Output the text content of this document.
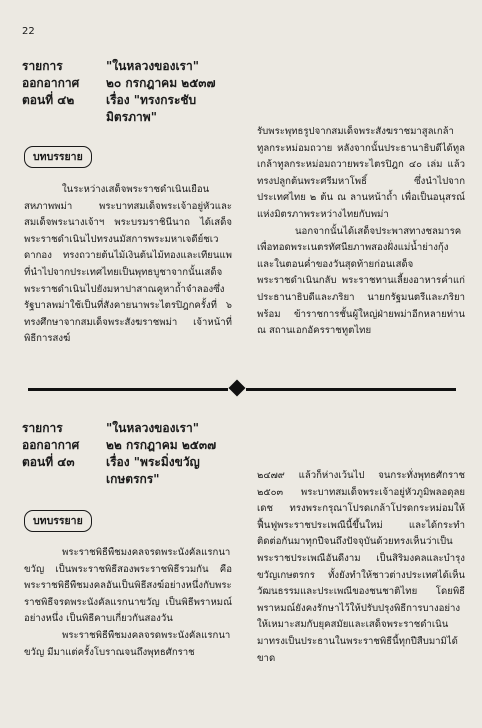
22
รายการ	"ในหลวงของเรา"
ออกอากาศ	๒๐ กรกฎาคม ๒๕๓๗
ตอนที่ ๔๒	เรื่อง "ทรงกระชับ
มิตรภาพ"
บทบรรยาย

ในระหว่างเสด็จพระราชดำเนินเยือนสหภาพพม่า พระบาทสมเด็จพระเจ้าอยู่หัวและสมเด็จพระนางเจ้าฯ พระบรมราชินีนาถ ได้เสด็จพระราชดำเนินไปทรงนมัสการพระมหาเจดีย์ชเวดากอง ทรงถวายต้นไม้เงินต้นไม้ทองและเทียนแพ ที่นำไปจากประเทศไทยเป็นพุทธบูชาจากนั้นเสด็จพระราชดำเนินไปยังมหาปาสาณคูหาถ้ำจำลองซึ่งรัฐบาลพม่าใช้เป็นที่สังคายนาพระไตรปิฎกครั้งที่ ๖ ทรงศึกษาจากสมเด็จพระสังฆราชพม่า เจ้าหน้าที่พิธีการสงฆ์

รับพระพุทธรูปจากสมเด็จพระสังฆราชมาสูลเกล้าทูลกระหม่อมถวาย หลังจากนั้นประธานาธิบดีได้ทูลเกล้าทูลกระหม่อมถวายพระไตรปิฎก ๔๐ เล่ม แล้วทรงปลูกต้นพระศรีมหาโพธิ์ ซึ่งนำไปจากประเทศไทย ๒ ต้น ณ ลานหน้าถ้ำ เพื่อเป็นอนุสรณ์แห่งมิตรภาพระหว่างไทยกับพม่า

นอกจากนั้นได้เสด็จประพาสทางชลมารค เพื่อทอดพระเนตรทัศนียภาพสองฝั่งแม่น้ำย่างกุ้งและในตอนค่ำของวันสุดท้ายก่อนเสด็จพระราชดำเนินกลับ พระราชทานเลี้ยงอาหารค่ำแก่ประธานาธิบดีและภริยา นายกรัฐมนตรีและภริยาพร้อม ข้าราชการชั้นผู้ใหญ่ฝ่ายพม่าอีกหลายท่าน ณ สถานเอกอัครราชทูตไทย

รายการ	"ในหลวงของเรา"
ออกอากาศ	๒๒ กรกฎาคม ๒๕๓๗
ตอนที่ ๔๓	เรื่อง "พระมิ่งขวัญ
เกษตรกร"
บทบรรยาย

พระราชพิธีพืชมงคลจรดพระนังคัลแรกนาขวัญ เป็นพระราชพิธีสองพระราชพิธีรวมกัน คือพระราชพิธีพืชมงคลอันเป็นพิธีสงฆ์อย่างหนึ่งกับพระราชพิธีจรดพระนังคัลแรกนาขวัญ เป็นพิธีพราหมณ์อย่างหนึ่ง เป็นพิธีคาบเกี่ยวกันสองวัน

พระราชพิธีพืชมงคลจรดพระนังคัลแรกนาขวัญ มีมาแต่ครั้งโบราณจนถึงพุทธศักราช

๒๔๗๙ แล้วก็ห่างเว้นไป จนกระทั่งพุทธศักราช ๒๕๐๓ พระบาทสมเด็จพระเจ้าอยู่หัวภูมิพลอดุลยเดช ทรงพระกรุณาโปรดเกล้าโปรดกระหม่อมให้ฟื้นฟูพระราชประเพณีนี้ขึ้นใหม่ และได้กระทำติดต่อกันมาทุกปีจนถึงปัจจุบันด้วยทรงเห็นว่าเป็นพระราชประเพณีอันดีงาม เป็นสิริมงคลและบำรุงขวัญเกษตรกร ทั้งยังทำให้ชาวต่างประเทศได้เห็นวัฒนธรรมและประเพณีของชนชาติไทย โดยพิธีพราหมณ์ยังคงรักษาไว้ให้ปรับปรุงพิธีการบางอย่างให้เหมาะสมกับยุคสมัยและเสด็จพระราชดำเนินมาทรงเป็นประธานในพระราชพิธีนี้ทุกปีสืบมามิได้ขาด
